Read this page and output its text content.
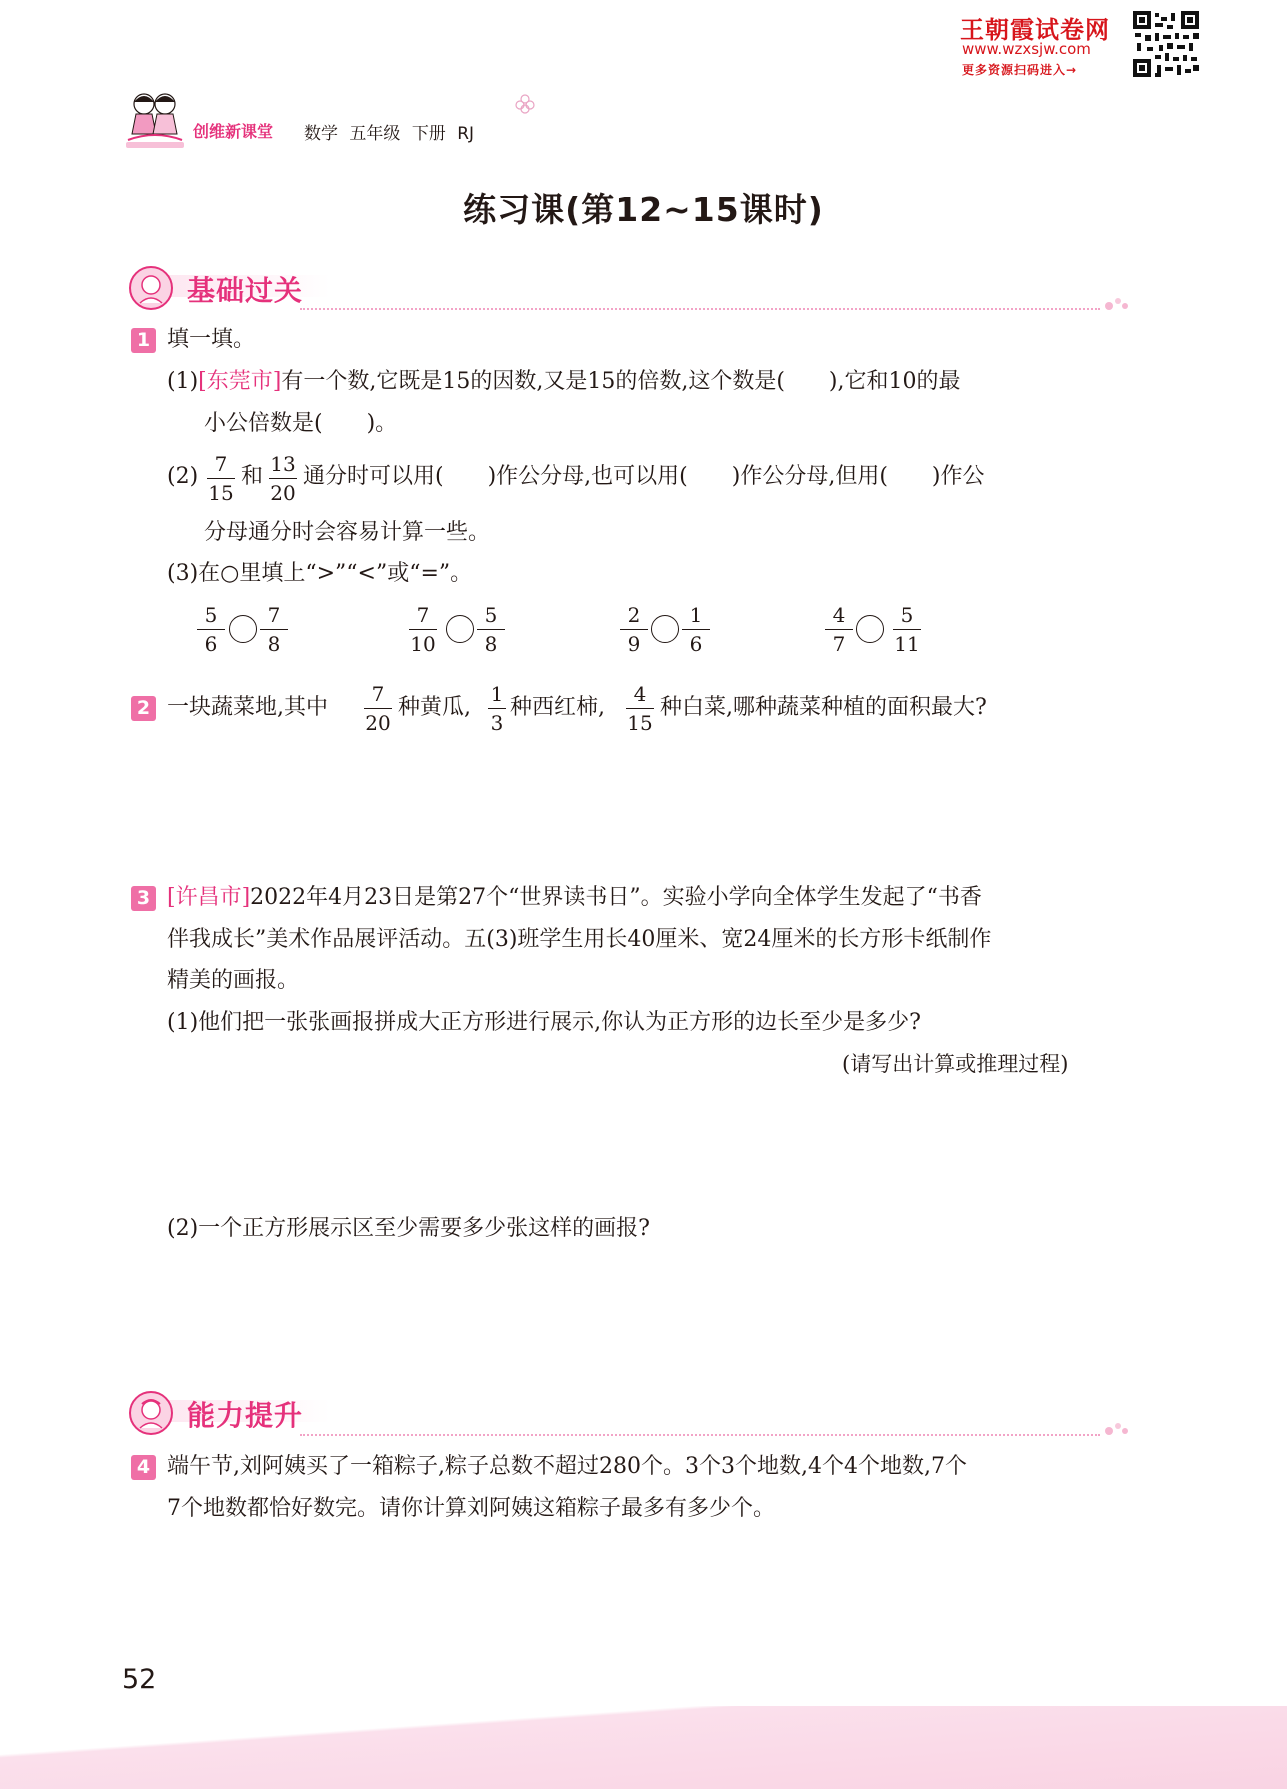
王朝霞试卷网
www.wzxsjw.com
更多资源扫码进入→
创维新课堂 数学 五年级 下册 RJ
练习课(第12~15课时)
基础过关
1 填一填。
(1)[东莞市]有一个数,它既是15的因数,又是15的倍数,这个数是(　　),它和10的最
小公倍数是(　　)。
(2) 7
15
和 13
20
通分时可以用(　　)作公分母,也可以用(　　)作公分母,但用(　　)作公
分母通分时会容易计算一些。
(3)在○里填上“>”“<”或“=”。
5
6
7
8
7
10
5
8
2
9
1
6
4
7
5
11
2 一块蔬菜地,其中
7
20
种黄瓜,
1
3
种西红柿,
4
15
种白菜,哪种蔬菜种植的面积最大?
3 [许昌市]2022年4月23日是第27个“世界读书日”。实验小学向全体学生发起了“书香
伴我成长”美术作品展评活动。五(3)班学生用长40厘米、宽24厘米的长方形卡纸制作
精美的画报。
(1)他们把一张张画报拼成大正方形进行展示,你认为正方形的边长至少是多少?
(请写出计算或推理过程)
(2)一个正方形展示区至少需要多少张这样的画报?
能力提升
4 端午节,刘阿姨买了一箱粽子,粽子总数不超过280个。3个3个地数,4个4个地数,7个
7个地数都恰好数完。请你计算刘阿姨这箱粽子最多有多少个。
52
